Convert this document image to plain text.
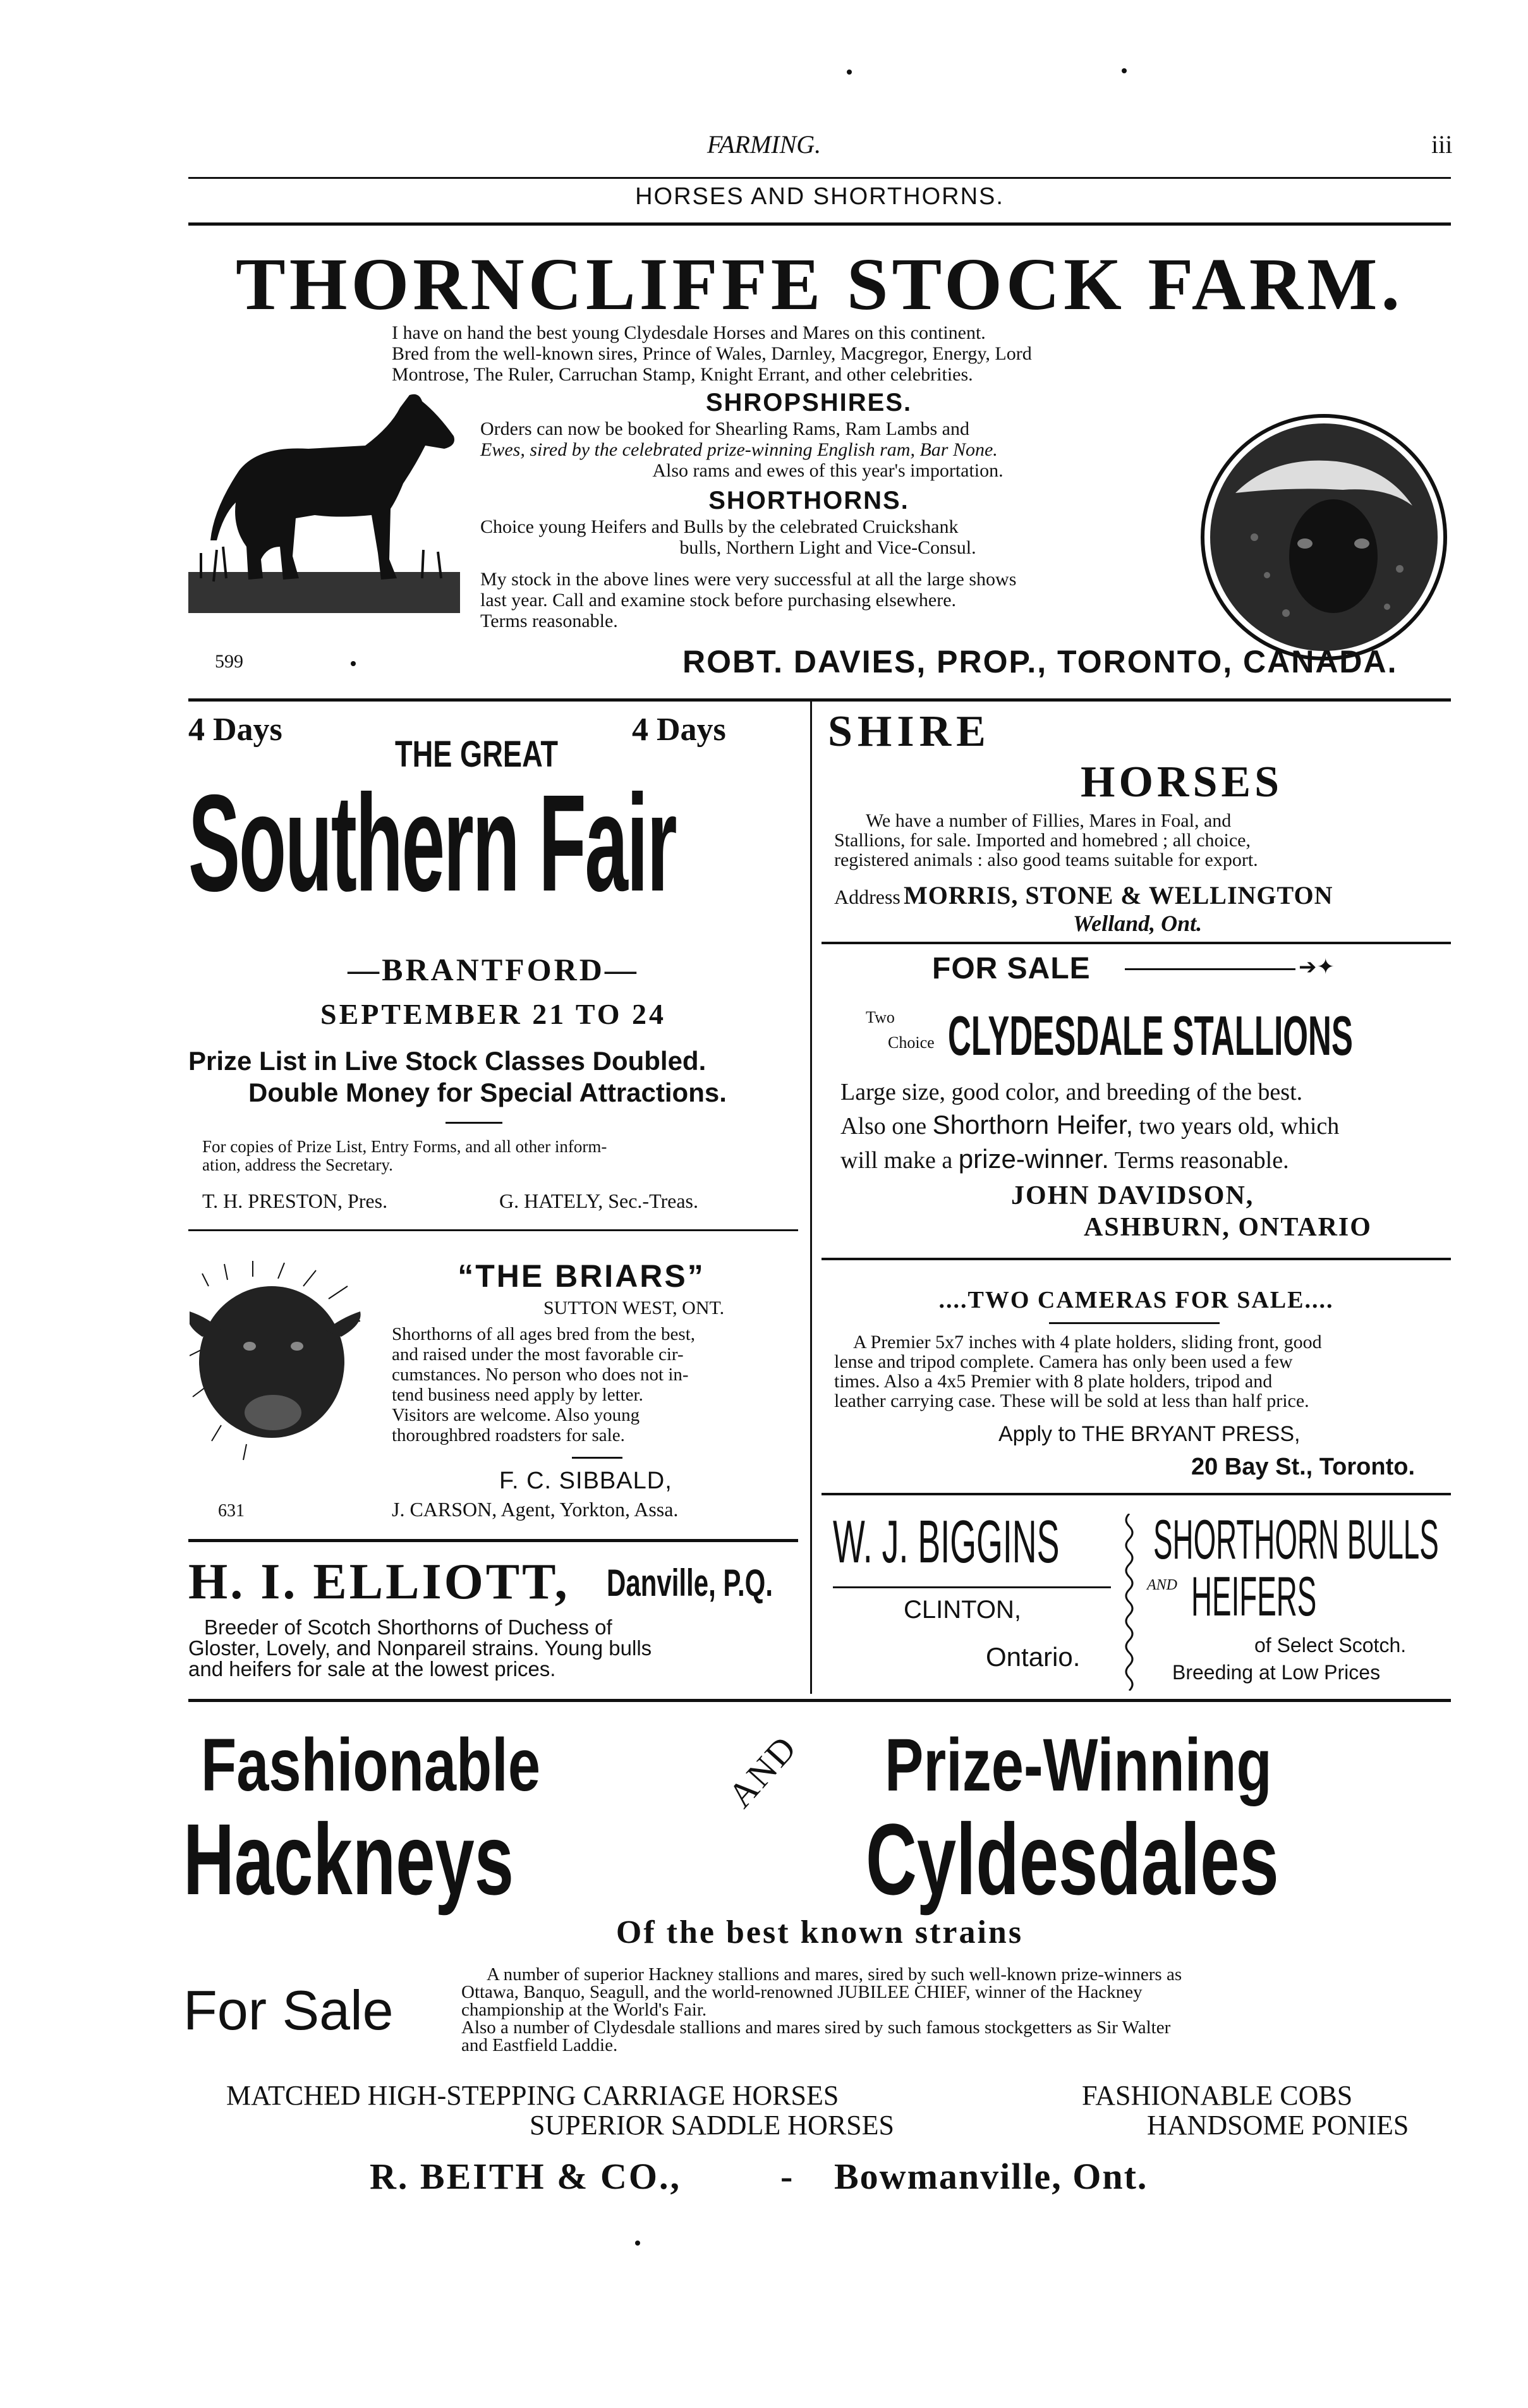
FARMING.	iii
HORSES AND SHORTHORNS.
THORNCLIFFE STOCK FARM.
I have on hand the best young Clydesdale Horses and Mares on this continent.
Bred from the well-known sires, Prince of Wales, Darnley, Macgregor, Energy, Lord
Montrose, The Ruler, Carruchan Stamp, Knight Errant, and other celebrities.
SHROPSHIRES.
Orders can now be booked for Shearling Rams, Ram Lambs and
Ewes, sired by the celebrated prize-winning English ram, Bar None.
Also rams and ewes of this year's importation.
SHORTHORNS.
Choice young Heifers and Bulls by the celebrated Cruickshank
bulls, Northern Light and Vice-Consul.
My stock in the above lines were very successful at all the large shows
last year. Call and examine stock before purchasing elsewhere.
Terms reasonable.
599	ROBT. DAVIES, PROP., TORONTO, CANADA.
4 Days	4 Days
THE GREAT
Southern Fair
—BRANTFORD—
SEPTEMBER 21 TO 24
Prize List in Live Stock Classes Doubled.
Double Money for Special Attractions.
For copies of Prize List, Entry Forms, and all other inform-
ation, address the Secretary.
T. H. PRESTON, Pres.	G. HATELY, Sec.-Treas.
“THE BRIARS”
SUTTON WEST, ONT.
Shorthorns of all ages bred from the best,
and raised under the most favorable cir-
cumstances. No person who does not in-
tend business need apply by letter.
Visitors are welcome. Also young
thoroughbred roadsters for sale.
F. C. SIBBALD,
631	J. CARSON, Agent, Yorkton, Assa.
H. I. ELLIOTT, Danville, P.Q.
Breeder of Scotch Shorthorns of Duchess of
Gloster, Lovely, and Nonpareil strains. Young bulls
and heifers for sale at the lowest prices.
SHIRE
HORSES
We have a number of Fillies, Mares in Foal, and
Stallions, for sale. Imported and homebred ; all choice,
registered animals : also good teams suitable for export.
Address MORRIS, STONE & WELLINGTON
Welland, Ont.
FOR SALE	➔✦
Two
Choice CLYDESDALE STALLIONS
Large size, good color, and breeding of the best.
Also one Shorthorn Heifer, two years old, which
will make a prize-winner. Terms reasonable.
JOHN DAVIDSON,
ASHBURN, ONTARIO
....TWO CAMERAS FOR SALE....
A Premier 5x7 inches with 4 plate holders, sliding front, good
lense and tripod complete. Camera has only been used a few
times. Also a 4x5 Premier with 8 plate holders, tripod and
leather carrying case. These will be sold at less than half price.
Apply to THE BRYANT PRESS,
20 Bay St., Toronto.
W. J. BIGGINS
CLINTON,
Ontario.
SHORTHORN BULLS
AND HEIFERS
of Select Scotch.
Breeding at Low Prices
Fashionable
Hackneys
AND Prize-Winning
Cyldesdales
Of the best known strains
For Sale
A number of superior Hackney stallions and mares, sired by such well-known prize-winners as
Ottawa, Banquo, Seagull, and the world-renowned JUBILEE CHIEF, winner of the Hackney
championship at the World's Fair.
Also a number of Clydesdale stallions and mares sired by such famous stockgetters as Sir Walter
and Eastfield Laddie.
MATCHED HIGH-STEPPING CARRIAGE HORSES
SUPERIOR SADDLE HORSES
FASHIONABLE COBS
HANDSOME PONIES
R. BEITH & CO.,	- Bowmanville, Ont.
